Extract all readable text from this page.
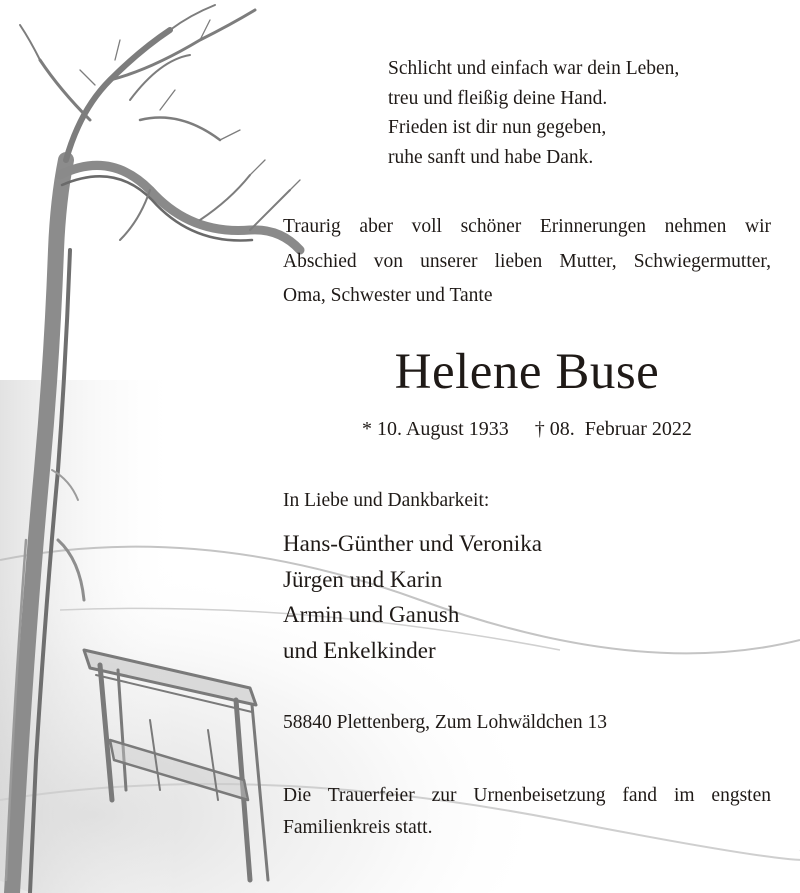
Schlicht und einfach war dein Leben,
treu und fleißig deine Hand.
Frieden ist dir nun gegeben,
ruhe sanft und habe Dank.
Traurig aber voll schöner Erinnerungen nehmen wir
Abschied von unserer lieben Mutter, Schwiegermutter,
Oma, Schwester und Tante
Helene Buse
* 10. August 1933 † 08.  Februar 2022
In Liebe und Dankbarkeit:
Hans-Günther und Veronika
Jürgen und Karin
Armin und Ganush
und Enkelkinder
58840 Plettenberg, Zum Lohwäldchen 13
Die Trauerfeier zur Urnenbeisetzung fand im engsten
Familienkreis statt.
